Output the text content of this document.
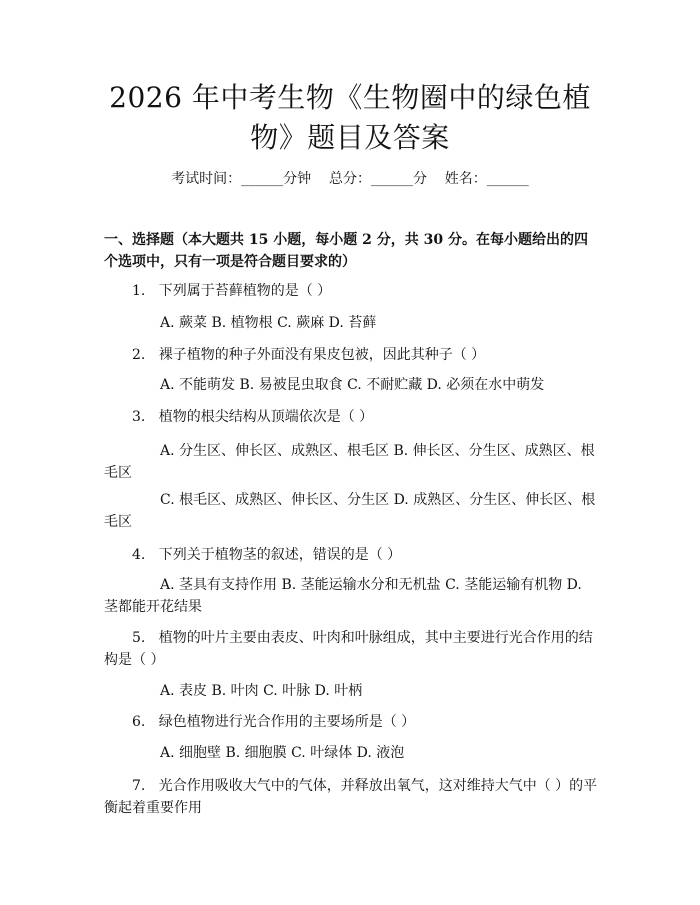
2026 年中考生物《生物圈中的绿色植物》题目及答案
考试时间：______分钟    总分：______分    姓名：______
一、选择题（本大题共 15 小题，每小题 2 分，共 30 分。在每小题给出的四个选项中，只有一项是符合题目要求的）
1.   下列属于苔藓植物的是（ ）
A. 蕨菜 B. 植物根 C. 蕨麻 D. 苔藓
2.   裸子植物的种子外面没有果皮包被，因此其种子（ ）
A. 不能萌发 B. 易被昆虫取食 C. 不耐贮藏 D. 必须在水中萌发
3.   植物的根尖结构从顶端依次是（ ）
A. 分生区、伸长区、成熟区、根毛区 B. 伸长区、分生区、成熟区、根毛区
C. 根毛区、成熟区、伸长区、分生区 D. 成熟区、分生区、伸长区、根毛区
4.   下列关于植物茎的叙述，错误的是（ ）
A. 茎具有支持作用 B. 茎能运输水分和无机盐 C. 茎能运输有机物 D. 茎都能开花结果
5.   植物的叶片主要由表皮、叶肉和叶脉组成，其中主要进行光合作用的结构是（ ）
A. 表皮 B. 叶肉 C. 叶脉 D. 叶柄
6.   绿色植物进行光合作用的主要场所是（ ）
A. 细胞壁 B. 细胞膜 C. 叶绿体 D. 液泡
7.   光合作用吸收大气中的气体，并释放出氧气，这对维持大气中（ ）的平衡起着重要作用
